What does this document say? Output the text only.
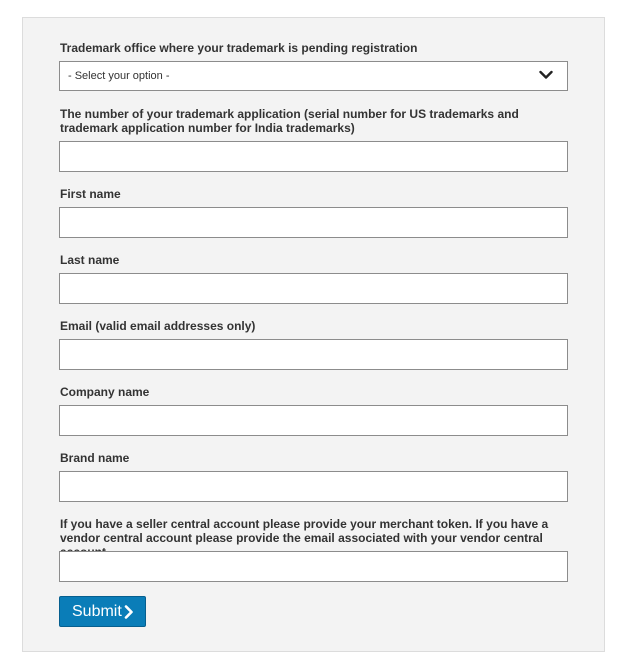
Trademark office where your trademark is pending registration
- Select your option -
The number of your trademark application (serial number for US trademarks and trademark application number for India trademarks)
First name
Last name
Email (valid email addresses only)
Company name
Brand name
If you have a seller central account please provide your merchant token. If you have a vendor central account please provide the email associated with your vendor central
Submit
